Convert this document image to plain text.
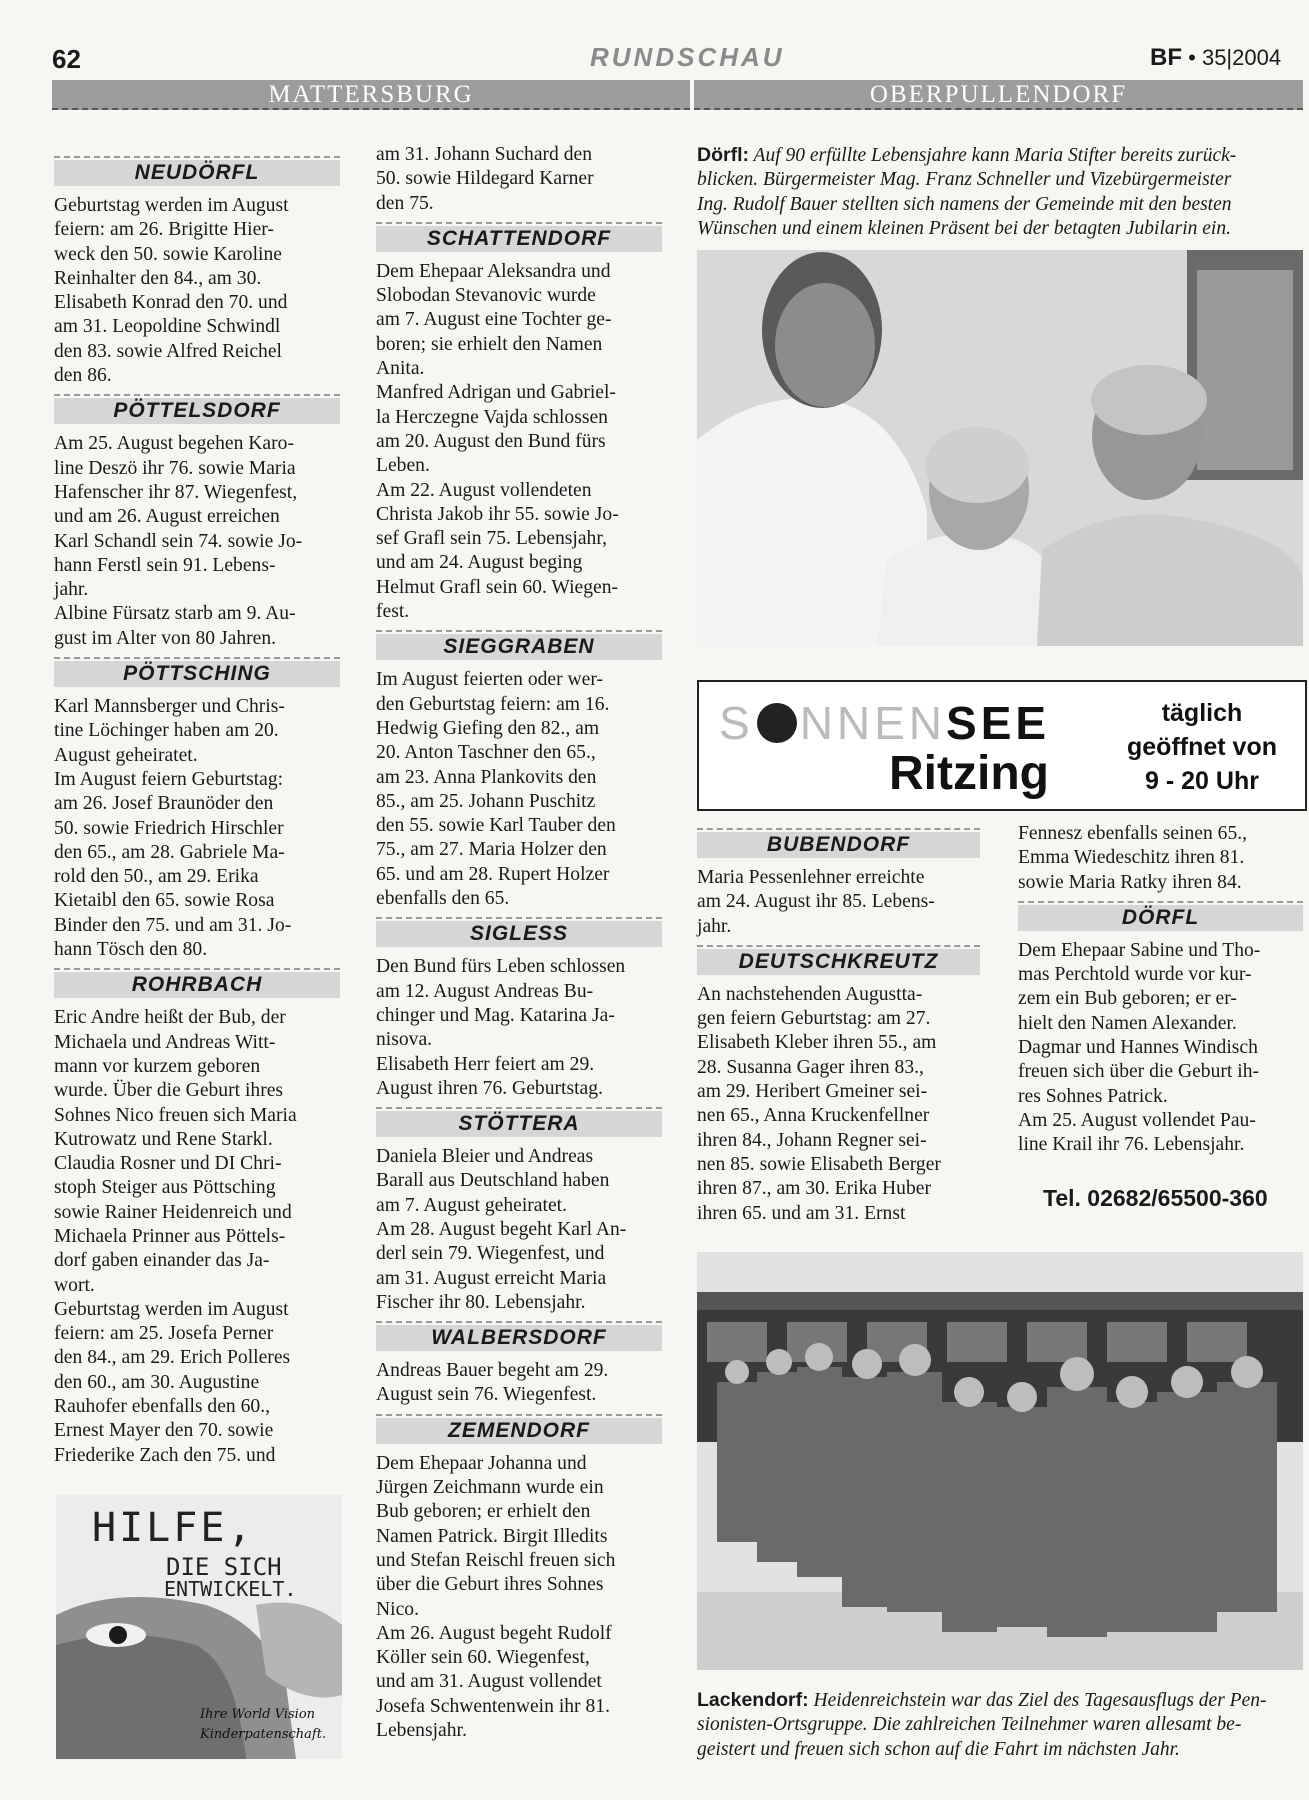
62	RUNDSCHAU	BF • 35|2004
MATTERSBURG	OBERPULLENDORF
NEUDÖRFL

Geburtstag werden im August

feiern: am 26. Brigitte Hier-

weck den 50. sowie Karoline

Reinhalter den 84., am 30.

Elisabeth Konrad den 70. und

am 31. Leopoldine Schwindl

den 83. sowie Alfred Reichel

den 86.

PÖTTELSDORF

Am 25. August begehen Karo-

line Deszö ihr 76. sowie Maria

Hafenscher ihr 87. Wiegenfest,

und am 26. August erreichen

Karl Schandl sein 74. sowie Jo-

hann Ferstl sein 91. Lebens-

jahr.

Albine Fürsatz starb am 9. Au-

gust im Alter von 80 Jahren.

PÖTTSCHING

Karl Mannsberger und Chris-

tine Löchinger haben am 20.

August geheiratet.

Im August feiern Geburtstag:

am 26. Josef Braunöder den

50. sowie Friedrich Hirschler

den 65., am 28. Gabriele Ma-

rold den 50., am 29. Erika

Kietaibl den 65. sowie Rosa

Binder den 75. und am 31. Jo-

hann Tösch den 80.

ROHRBACH

Eric Andre heißt der Bub, der

Michaela und Andreas Witt-

mann vor kurzem geboren

wurde. Über die Geburt ihres

Sohnes Nico freuen sich Maria

Kutrowatz und Rene Starkl.

Claudia Rosner und DI Chri-

stoph Steiger aus Pöttsching

sowie Rainer Heidenreich und

Michaela Prinner aus Pöttels-

dorf gaben einander das Ja-

wort.

Geburtstag werden im August

feiern: am 25. Josefa Perner

den 84., am 29. Erich Polleres

den 60., am 30. Augustine

Rauhofer ebenfalls den 60.,

Ernest Mayer den 70. sowie

Friederike Zach den 75. und

am 31. Johann Suchard den

50. sowie Hildegard Karner

den 75.

SCHATTENDORF

Dem Ehepaar Aleksandra und

Slobodan Stevanovic wurde

am 7. August eine Tochter ge-

boren; sie erhielt den Namen

Anita.

Manfred Adrigan und Gabriel-

la Herczegne Vajda schlossen

am 20. August den Bund fürs

Leben.

Am 22. August vollendeten

Christa Jakob ihr 55. sowie Jo-

sef Grafl sein 75. Lebensjahr,

und am 24. August beging

Helmut Grafl sein 60. Wiegen-

fest.

SIEGGRABEN

Im August feierten oder wer-

den Geburtstag feiern: am 16.

Hedwig Giefing den 82., am

20. Anton Taschner den 65.,

am 23. Anna Plankovits den

85., am 25. Johann Puschitz

den 55. sowie Karl Tauber den

75., am 27. Maria Holzer den

65. und am 28. Rupert Holzer

ebenfalls den 65.

SIGLESS

Den Bund fürs Leben schlossen

am 12. August Andreas Bu-

chinger und Mag. Katarina Ja-

nisova.

Elisabeth Herr feiert am 29.

August ihren 76. Geburtstag.

STÖTTERA

Daniela Bleier und Andreas

Barall aus Deutschland haben

am 7. August geheiratet.

Am 28. August begeht Karl An-

derl sein 79. Wiegenfest, und

am 31. August erreicht Maria

Fischer ihr 80. Lebensjahr.

WALBERSDORF

Andreas Bauer begeht am 29.

August sein 76. Wiegenfest.

ZEMENDORF

Dem Ehepaar Johanna und

Jürgen Zeichmann wurde ein

Bub geboren; er erhielt den

Namen Patrick. Birgit Illedits

und Stefan Reischl freuen sich

über die Geburt ihres Sohnes

Nico.

Am 26. August begeht Rudolf

Köller sein 60. Wiegenfest,

und am 31. August vollendet

Josefa Schwentenwein ihr 81.

Lebensjahr.

Dörfl: Auf 90 erfüllte Lebensjahre kann Maria Stifter bereits zurück-
blicken. Bürgermeister Mag. Franz Schneller und Vizebürgermeister
Ing. Rudolf Bauer stellten sich namens der Gemeinde mit den besten
Wünschen und einem kleinen Präsent bei der betagten Jubilarin ein.
S NNENSEE
Ritzing
täglich
geöffnet von
9 - 20 Uhr
BUBENDORF

Maria Pessenlehner erreichte

am 24. August ihr 85. Lebens-

jahr.

DEUTSCHKREUTZ

An nachstehenden Augustta-

gen feiern Geburtstag: am 27.

Elisabeth Kleber ihren 55., am

28. Susanna Gager ihren 83.,

am 29. Heribert Gmeiner sei-

nen 65., Anna Kruckenfellner

ihren 84., Johann Regner sei-

nen 85. sowie Elisabeth Berger

ihren 87., am 30. Erika Huber

ihren 65. und am 31. Ernst

Fennesz ebenfalls seinen 65.,

Emma Wiedeschitz ihren 81.

sowie Maria Ratky ihren 84.

DÖRFL

Dem Ehepaar Sabine und Tho-

mas Perchtold wurde vor kur-

zem ein Bub geboren; er er-

hielt den Namen Alexander.

Dagmar und Hannes Windisch

freuen sich über die Geburt ih-

res Sohnes Patrick.

Am 25. August vollendet Pau-

line Krail ihr 76. Lebensjahr.

Tel. 02682/65500-360
Lackendorf: Heidenreichstein war das Ziel des Tagesausflugs der Pen-
sionisten-Ortsgruppe. Die zahlreichen Teilnehmer waren allesamt be-
geistert und freuen sich schon auf die Fahrt im nächsten Jahr.
HILFE,
DIE SICH
ENTWICKELT.
Ihre World Vision
Kinderpatenschaft.
